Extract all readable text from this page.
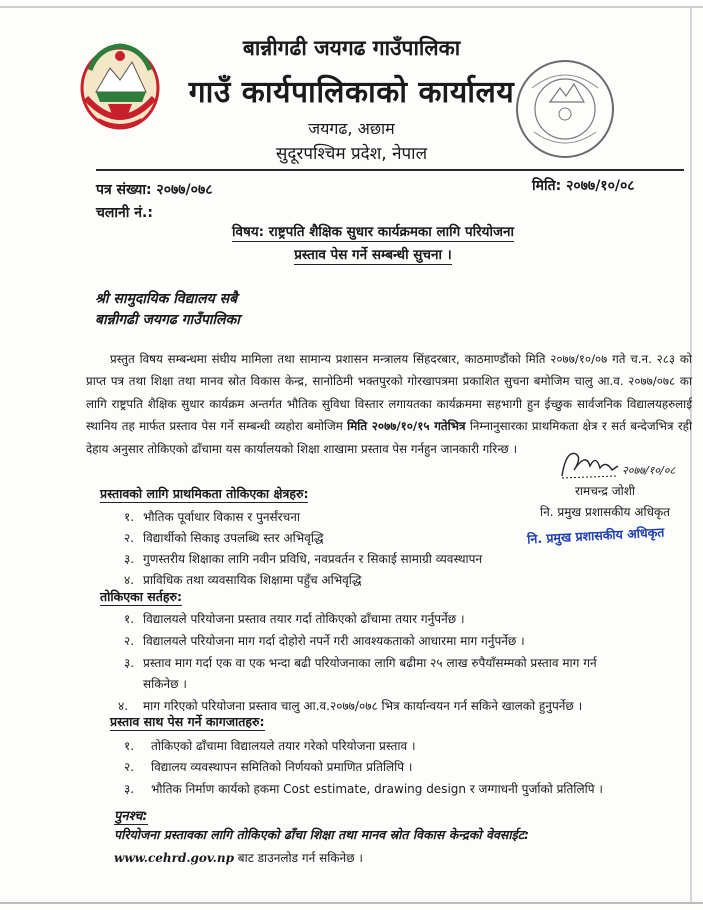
बान्नीगढी जयगढ गाउँपालिका
गाउँ कार्यपालिकाको कार्यालय
जयगढ, अछाम
सुदूरपश्चिम प्रदेश, नेपाल
पत्र संख्या: २०७७/०७८	मिति: २०७७/१०/०८
चलानी नं.:
विषय: राष्ट्रपति शैक्षिक सुधार कार्यक्रमका लागि परियोजना
प्रस्ताव पेस गर्ने सम्बन्धी सुचना ।
श्री सामुदायिक विद्यालय सबै
बान्नीगढी जयगढ गाउँपालिका
प्रस्तुत विषय सम्बन्धमा संघीय मामिला तथा सामान्य प्रशासन मन्त्रालय सिंहदरबार, काठमाण्डौंको मिति २०७७/१०/०७ गते च.न. २८३ को प्राप्त पत्र तथा शिक्षा तथा मानव स्रोत विकास केन्द्र, सानोठिमी भक्तपुरको गोरखापत्रमा प्रकाशित सुचना बमोजिम चालु आ.व. २०७७/०७८ का लागि राष्ट्रपति शैक्षिक सुधार कार्यक्रम अन्तर्गत भौतिक सुविधा विस्तार लगायतका कार्यक्रममा सहभागी हुन ईच्छुक सार्वजनिक विद्यालयहरुलाई स्थानिय तह मार्फत प्रस्ताव पेस गर्ने सम्बन्धी व्यहोरा बमोजिम मिति २०७७/१०/१५ गतेभित्र निम्नानुसारका प्राथमिकता क्षेत्र र सर्त बन्देजभित्र रही देहाय अनुसार तोकिएको ढाँचामा यस कार्यालयको शिक्षा शाखामा प्रस्ताव पेस गर्नहुन जानकारी गरिन्छ ।
२०७७/१०/०८
रामचन्द्र जोशी
नि. प्रमुख प्रशासकीय अधिकृत
नि. प्रमुख प्रशासकीय अधिकृत
प्रस्तावको लागि प्राथमिकता तोकिएका क्षेत्रहरु:
१. भौतिक पूर्वाधार विकास र पुनर्संरचना
२. विद्यार्थीको सिकाइ उपलब्धि स्तर अभिवृद्धि
३. गुणस्तरीय शिक्षाका लागि नवीन प्रविधि, नवप्रवर्तन र सिकाई सामाग्री व्यवस्थापन
४. प्राविधिक तथा व्यवसायिक शिक्षामा पहुँच अभिवृद्धि
तोकिएका सर्तहरु:
१. विद्यालयले परियोजना प्रस्ताव तयार गर्दा तोकिएको ढाँचामा तयार गर्नुपर्नेछ ।
२. विद्यालयले परियोजना माग गर्दा दोहोरो नपर्ने गरी आवश्यकताको आधारमा माग गर्नुपर्नेछ ।
३. प्रस्ताव माग गर्दा एक वा एक भन्दा बढी परियोजनाका लागि बढीमा २५ लाख रुपैयाँसम्मको प्रस्ताव माग गर्न
सकिनेछ ।
४. माग गरिएको परियोजना प्रस्ताव चालु आ.व.२०७७/०७८ भित्र कार्यान्वयन गर्न सकिने खालको हुनुपर्नेछ ।
प्रस्ताव साथ पेस गर्ने कागजातहरु:
१. तोकिएको ढाँचामा विद्यालयले तयार गरेको परियोजना प्रस्ताव ।
२. विद्यालय व्यवस्थापन समितिको निर्णयको प्रमाणित प्रतिलिपि ।
३. भौतिक निर्माण कार्यको हकमा Cost estimate, drawing design र जग्गाधनी पुर्जाको प्रतिलिपि ।
पुनश्च:
परियोजना प्रस्तावका लागि तोकिएको ढाँचा शिक्षा तथा मानव स्रोत विकास केन्द्रको वेवसाईट:
www.cehrd.gov.np बाट डाउनलोड गर्न सकिनेछ ।
